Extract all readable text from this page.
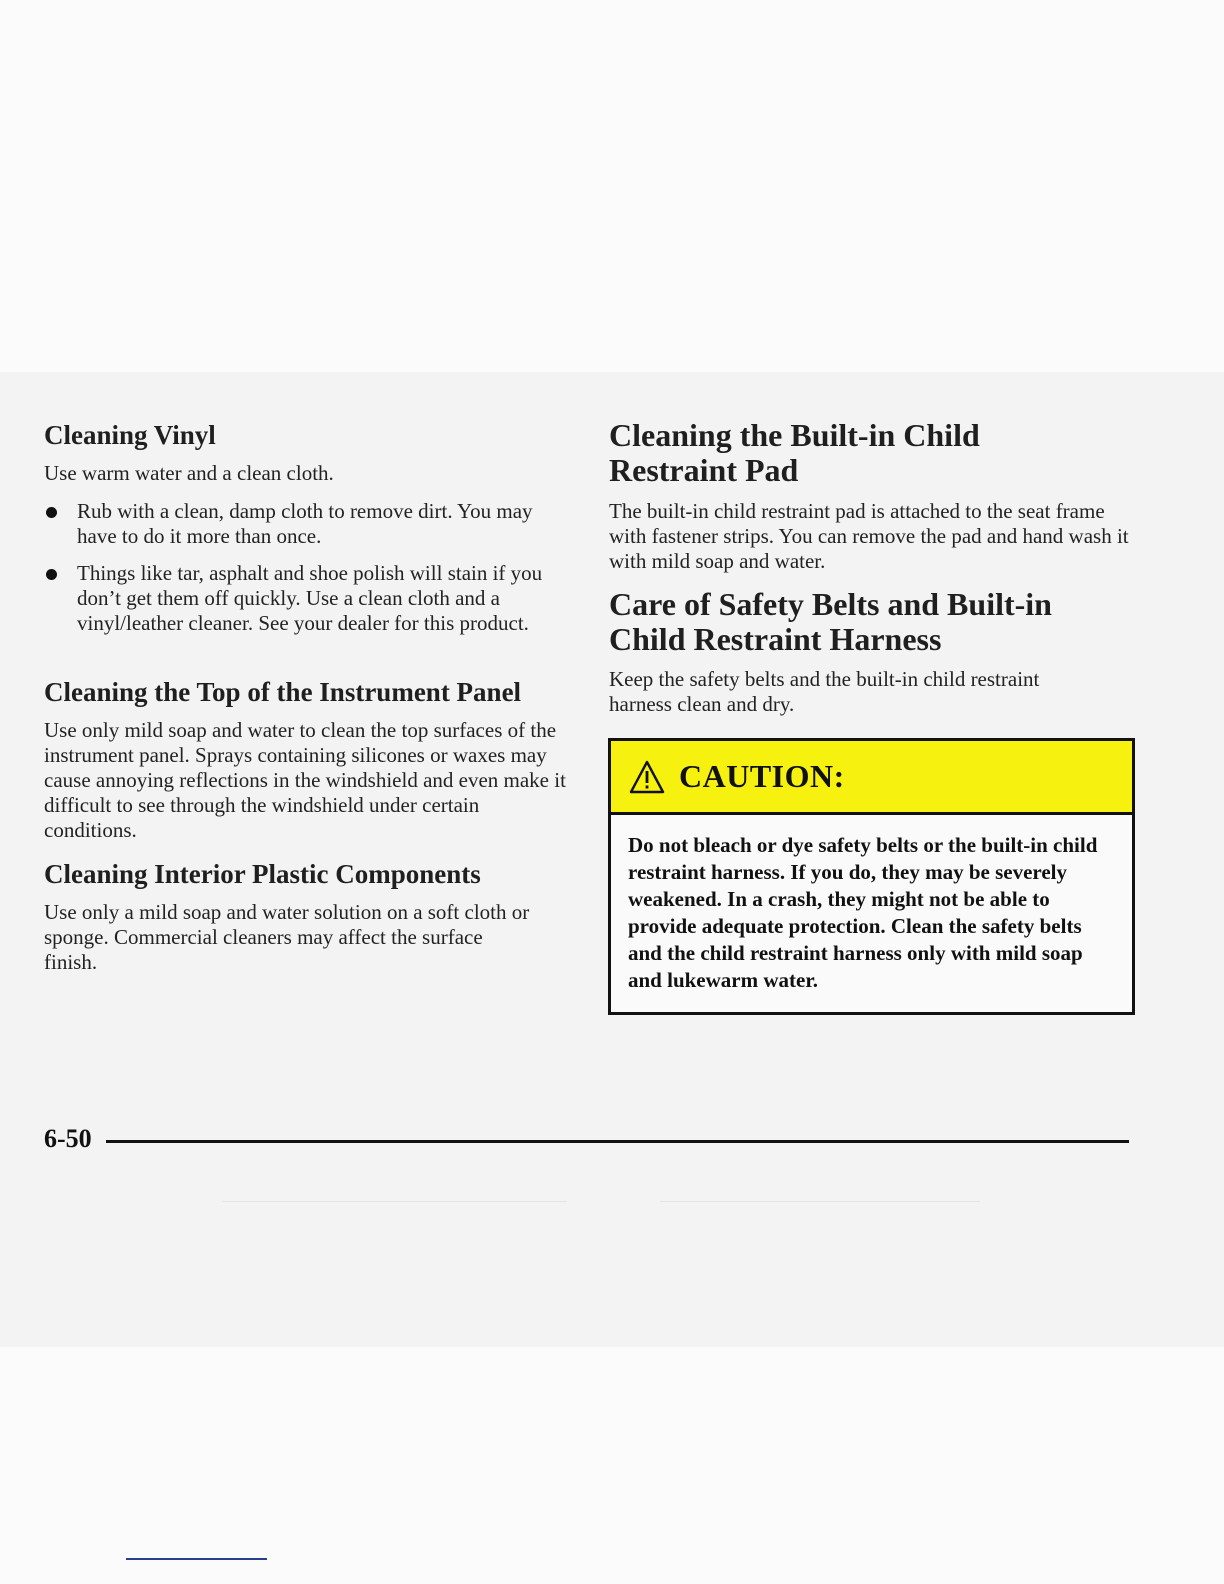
Cleaning Vinyl

Use warm water and a clean cloth.

Rub with a clean, damp cloth to remove dirt. You may have to do it more than once.
Things like tar, asphalt and shoe polish will stain if you don’t get them off quickly. Use a clean cloth and a vinyl/leather cleaner. See your dealer for this product.
Cleaning the Top of the Instrument Panel

Use only mild soap and water to clean the top surfaces of the instrument panel. Sprays containing silicones or waxes may cause annoying reflections in the windshield and even make it difficult to see through the windshield under certain conditions.

Cleaning Interior Plastic Components

Use only a mild soap and water solution on a soft cloth or sponge. Commercial cleaners may affect the surface finish.

Cleaning the Built-in Child Restraint Pad

The built-in child restraint pad is attached to the seat frame with fastener strips. You can remove the pad and hand wash it with mild soap and water.

Care of Safety Belts and Built-in Child Restraint Harness

Keep the safety belts and the built-in child restraint harness clean and dry.

CAUTION:
Do not bleach or dye safety belts or the built-in child restraint harness. If you do, they may be severely weakened. In a crash, they might not be able to provide adequate protection. Clean the safety belts and the child restraint harness only with mild soap and lukewarm water.
6-50
